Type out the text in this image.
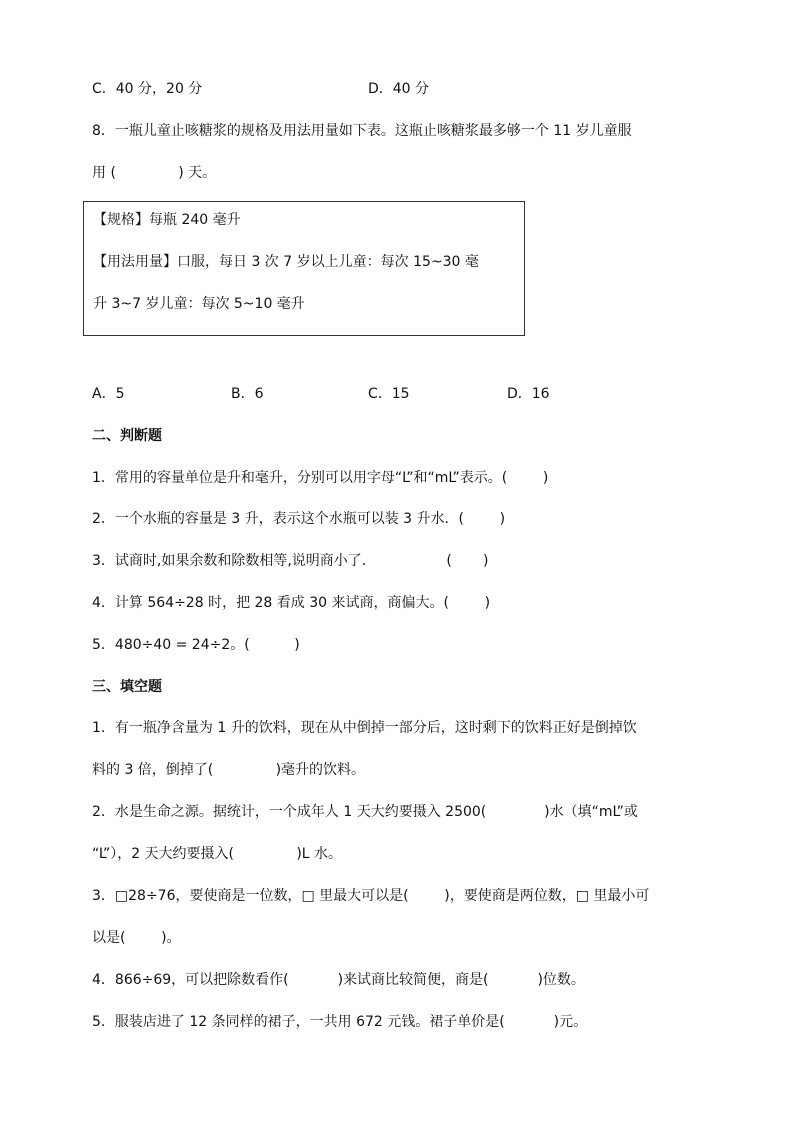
C．40 分，20 分	D．40 分
8．一瓶儿童止咳糖浆的规格及用法用量如下表。这瓶止咳糖浆最多够一个 11 岁儿童服
用 (              ) 天。
【规格】每瓶 240 毫升
【用法用量】口服，每日 3 次 7 岁以上儿童：每次 15~30 毫
升 3~7 岁儿童：每次 5~10 毫升
A．5	B．6	C．15	D．16
二、判断题
1．常用的容量单位是升和毫升，分别可以用字母“L”和“mL”表示。(        )
2．一个水瓶的容量是 3 升，表示这个水瓶可以装 3 升水．(        )
3．试商时,如果余数和除数相等,说明商小了.                  (       )
4．计算 564÷28 时，把 28 看成 30 来试商，商偏大。(        )
5．480÷40 = 24÷2。(          )
三、填空题
1．有一瓶净含量为 1 升的饮料，现在从中倒掉一部分后，这时剩下的饮料正好是倒掉饮
料的 3 倍，倒掉了(              )毫升的饮料。
2．水是生命之源。据统计，一个成年人 1 天大约要摄入 2500(             )水（填“mL”或
“L”），2 天大约要摄入(              )L 水。
3．□28÷76，要使商是一位数，□ 里最大可以是(        )，要使商是两位数，□ 里最小可
以是(        )。
4．866÷69，可以把除数看作(           )来试商比较简便，商是(           )位数。
5．服装店进了 12 条同样的裙子，一共用 672 元钱。裙子单价是(           )元。
